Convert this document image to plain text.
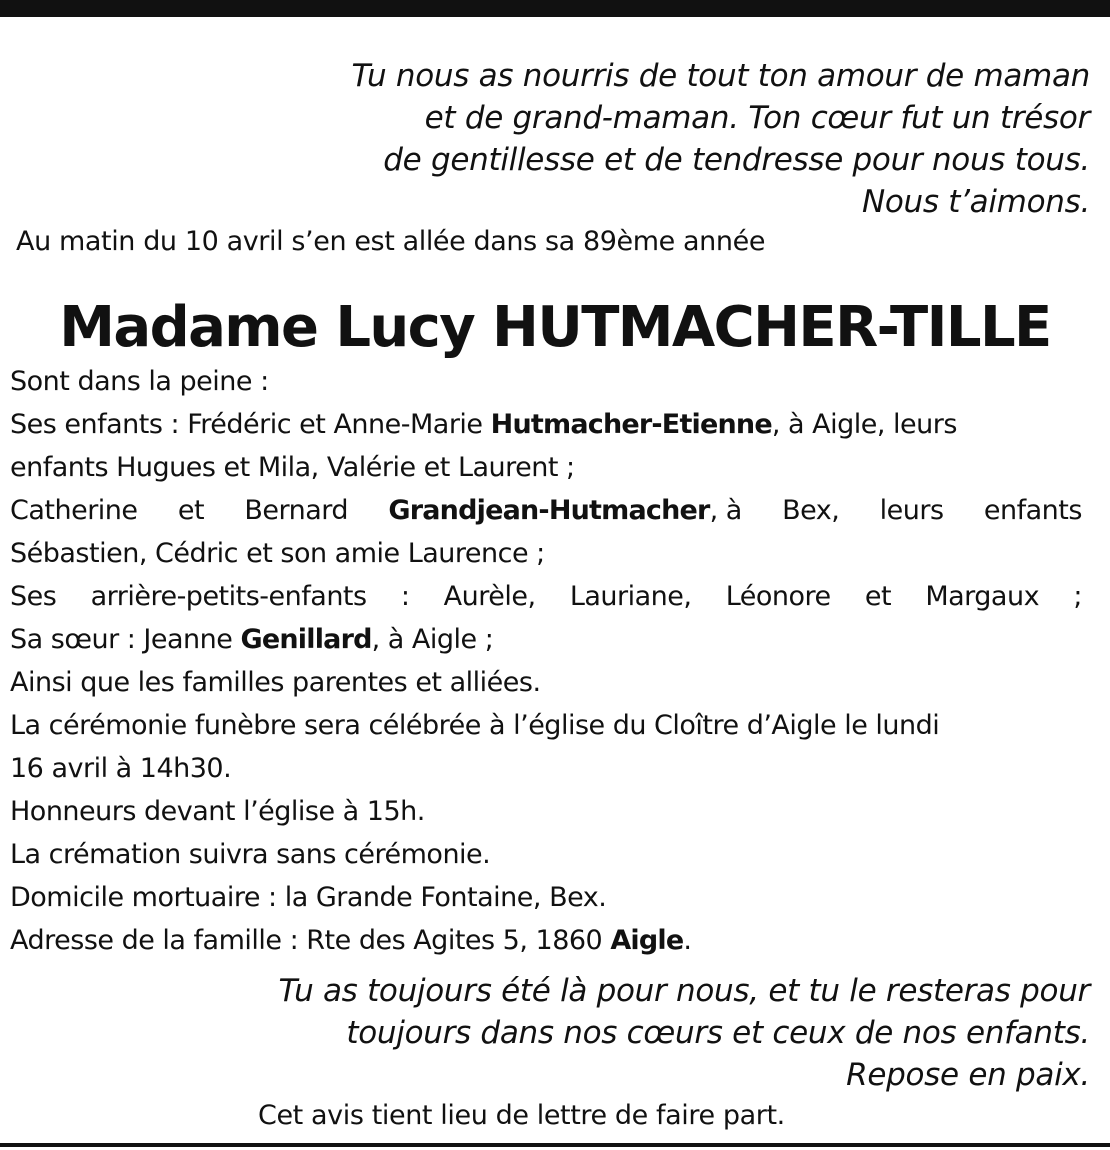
Tu nous as nourris de tout ton amour de maman
et de grand-maman. Ton cœur fut un trésor
de gentillesse et de tendresse pour nous tous.
Nous t’aimons.

Au matin du 10 avril s’en est allée dans sa 89ème année

Madame Lucy HUTMACHER-TILLE
Sont dans la peine :
Ses enfants : Frédéric et Anne-Marie Hutmacher-Etienne, à Aigle, leurs
enfants Hugues et Mila, Valérie et Laurent ;
Catherine et Bernard Grandjean-Hutmacher, à Bex, leurs enfants
Sébastien, Cédric et son amie Laurence ;
Ses arrière-petits-enfants : Aurèle, Lauriane, Léonore et Margaux ;
Sa sœur : Jeanne Genillard, à Aigle ;
Ainsi que les familles parentes et alliées.
La cérémonie funèbre sera célébrée à l’église du Cloître d’Aigle le lundi
16 avril à 14h30.
Honneurs devant l’église à 15h.
La crémation suivra sans cérémonie.
Domicile mortuaire : la Grande Fontaine, Bex.
Adresse de la famille : Rte des Agites 5, 1860 Aigle.

Tu as toujours été là pour nous, et tu le resteras pour
toujours dans nos cœurs et ceux de nos enfants.
Repose en paix.

Cet avis tient lieu de lettre de faire part.
